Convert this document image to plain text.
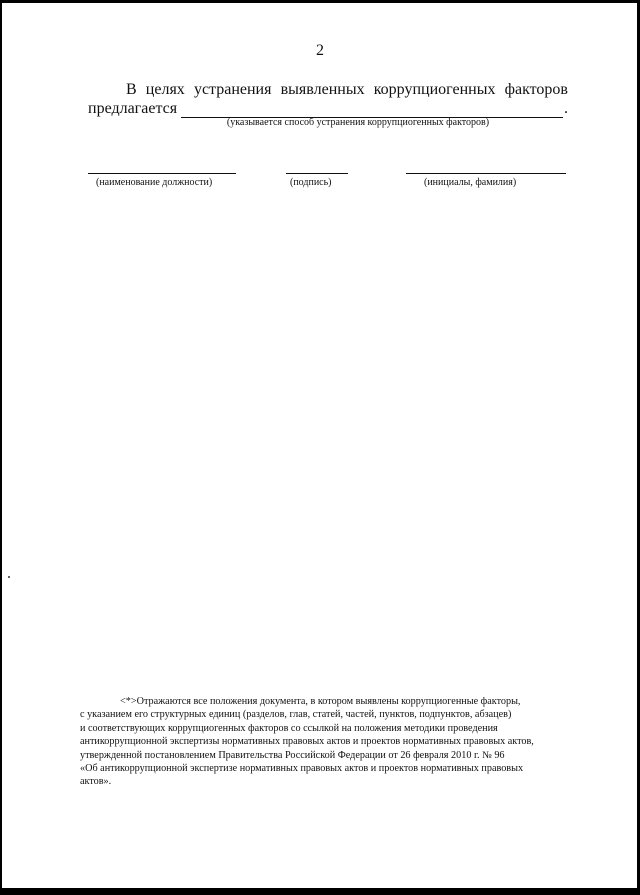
2
В целях устранения выявленных коррупциогенных факторов
предлагается	.
(указывается способ устранения коррупциогенных факторов)
(наименование должности)	(подпись)	(инициалы, фамилия)
<*>Отражаются все положения документа, в котором выявлены коррупциогенные факторы,
с указанием его структурных единиц (разделов, глав, статей, частей, пунктов, подпунктов, абзацев)
и соответствующих коррупциогенных факторов со ссылкой на положения методики проведения
антикоррупционной экспертизы нормативных правовых актов и проектов нормативных правовых актов,
утвержденной постановлением Правительства Российской Федерации от 26 февраля 2010 г. № 96
«Об антикоррупционной экспертизе нормативных правовых актов и проектов нормативных правовых
актов».
